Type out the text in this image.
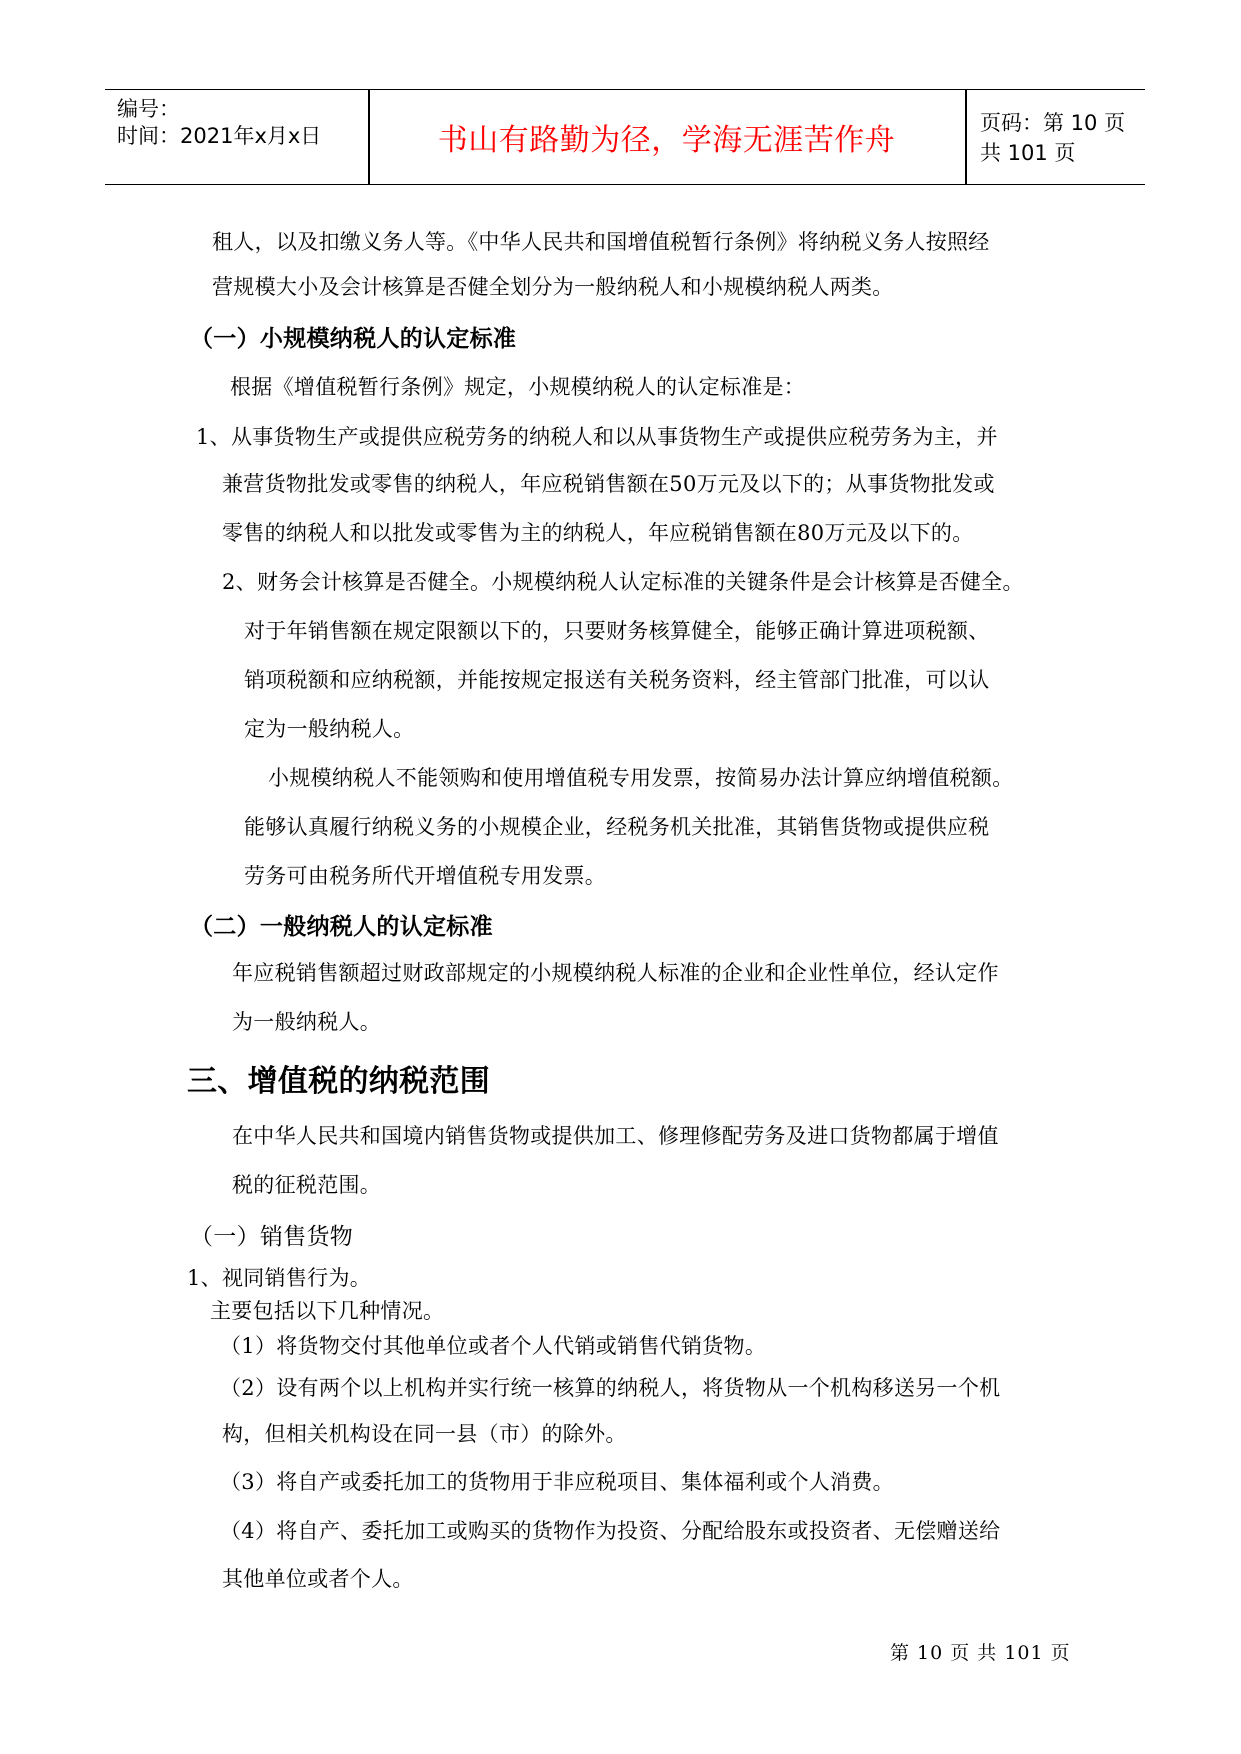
编号：
时间：2021年x月x日	书山有路勤为径，学海无涯苦作舟	页码：第 10 页 共 101 页
租人，以及扣缴义务人等。《中华人民共和国增值税暂行条例》将纳税义务人按照经
营规模大小及会计核算是否健全划分为一般纳税人和小规模纳税人两类。
（一）小规模纳税人的认定标准
根据《增值税暂行条例》规定，小规模纳税人的认定标准是：
1、从事货物生产或提供应税劳务的纳税人和以从事货物生产或提供应税劳务为主，并
兼营货物批发或零售的纳税人，年应税销售额在50万元及以下的；从事货物批发或
零售的纳税人和以批发或零售为主的纳税人，年应税销售额在80万元及以下的。
2、财务会计核算是否健全。小规模纳税人认定标准的关键条件是会计核算是否健全。
对于年销售额在规定限额以下的，只要财务核算健全，能够正确计算进项税额、
销项税额和应纳税额，并能按规定报送有关税务资料，经主管部门批准，可以认
定为一般纳税人。
小规模纳税人不能领购和使用增值税专用发票，按简易办法计算应纳增值税额。
能够认真履行纳税义务的小规模企业，经税务机关批准，其销售货物或提供应税
劳务可由税务所代开增值税专用发票。
（二）一般纳税人的认定标准
年应税销售额超过财政部规定的小规模纳税人标准的企业和企业性单位，经认定作
为一般纳税人。
三、增值税的纳税范围
在中华人民共和国境内销售货物或提供加工、修理修配劳务及进口货物都属于增值
税的征税范围。
（一）销售货物
1、视同销售行为。
主要包括以下几种情况。
（1）将货物交付其他单位或者个人代销或销售代销货物。
（2）设有两个以上机构并实行统一核算的纳税人，将货物从一个机构移送另一个机
构，但相关机构设在同一县（市）的除外。
（3）将自产或委托加工的货物用于非应税项目、集体福利或个人消费。
（4）将自产、委托加工或购买的货物作为投资、分配给股东或投资者、无偿赠送给
其他单位或者个人。
第 10 页 共 101 页
